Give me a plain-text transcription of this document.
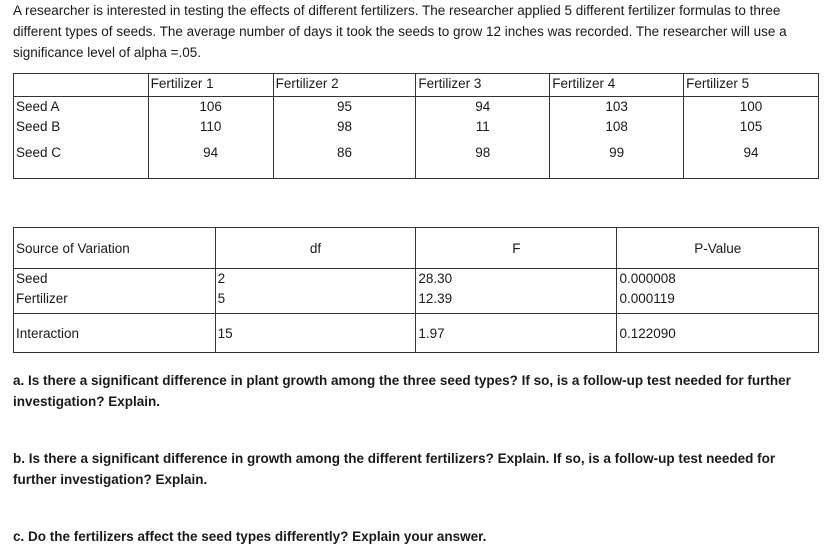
A researcher is interested in testing the effects of different fertilizers. The researcher applied 5 different fertilizer formulas to three different types of seeds. The average number of days it took the seeds to grow 12 inches was recorded. The researcher will use a significance level of alpha =.05.

	Fertilizer 1	Fertilizer 2	Fertilizer 3	Fertilizer 4	Fertilizer 5
Seed A	106	95	94	103	100
Seed B	110	98	11	108	105
Seed C	94	86	98	99	94
Source of Variation	df	F	P-Value
Seed	2	28.30	0.000008
Fertilizer	5	12.39	0.000119
Interaction	15	1.97	0.122090

a. Is there a significant difference in plant growth among the three seed types? If so, is a follow-up test needed for further investigation? Explain.

b. Is there a significant difference in growth among the different fertilizers? Explain. If so, is a follow-up test needed for further investigation? Explain.

c. Do the fertilizers affect the seed types differently? Explain your answer.
